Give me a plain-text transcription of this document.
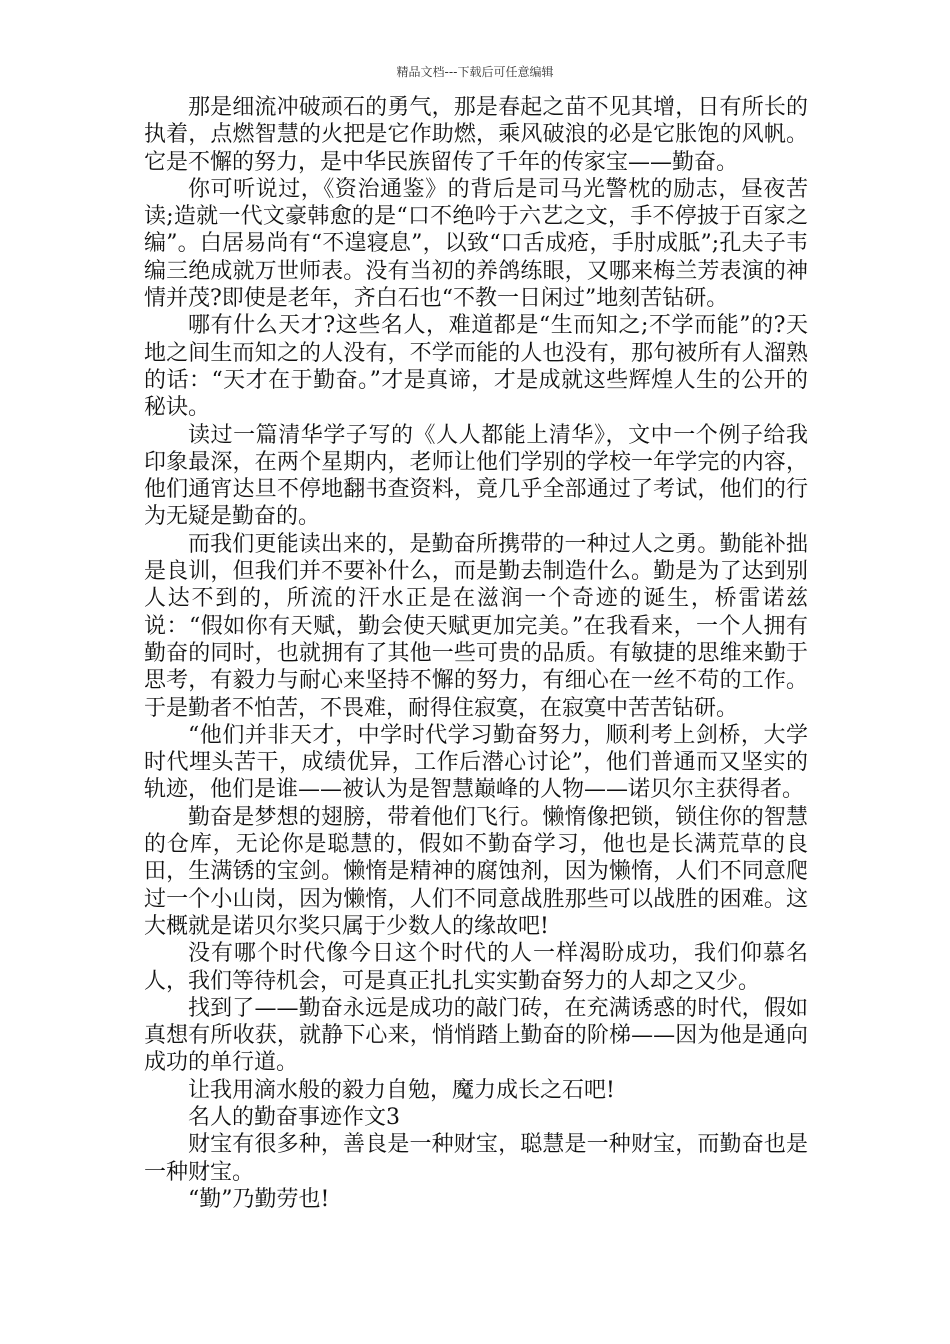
精品文档---下载后可任意编辑

那是细流冲破顽石的勇气，那是春起之苗不见其增，日有所长的执着，点燃智慧的火把是它作助燃，乘风破浪的必是它胀饱的风帆。它是不懈的努力，是中华民族留传了千年的传家宝——勤奋。

你可听说过，《资治通鉴》的背后是司马光警枕的励志，昼夜苦读;造就一代文豪韩愈的是“口不绝吟于六艺之文，手不停披于百家之编”。白居易尚有“不遑寝息”，以致“口舌成疮，手肘成胝”;孔夫子韦编三绝成就万世师表。没有当初的养鸽练眼，又哪来梅兰芳表演的神情并茂?即使是老年，齐白石也“不教一日闲过”地刻苦钻研。

哪有什么天才?这些名人，难道都是“生而知之;不学而能”的?天地之间生而知之的人没有，不学而能的人也没有，那句被所有人溜熟的话：“天才在于勤奋。”才是真谛，才是成就这些辉煌人生的公开的秘诀。

读过一篇清华学子写的《人人都能上清华》，文中一个例子给我印象最深，在两个星期内，老师让他们学别的学校一年学完的内容，他们通宵达旦不停地翻书查资料，竟几乎全部通过了考试，他们的行为无疑是勤奋的。

而我们更能读出来的，是勤奋所携带的一种过人之勇。勤能补拙是良训，但我们并不要补什么，而是勤去制造什么。勤是为了达到别人达不到的，所流的汗水正是在滋润一个奇迹的诞生，桥雷诺兹说：“假如你有天赋，勤会使天赋更加完美。”在我看来，一个人拥有勤奋的同时，也就拥有了其他一些可贵的品质。有敏捷的思维来勤于思考，有毅力与耐心来坚持不懈的努力，有细心在一丝不苟的工作。于是勤者不怕苦，不畏难，耐得住寂寞，在寂寞中苦苦钻研。

“他们并非天才，中学时代学习勤奋努力，顺利考上剑桥，大学时代埋头苦干，成绩优异，工作后潜心讨论”，他们普通而又坚实的轨迹，他们是谁——被认为是智慧巅峰的人物——诺贝尔主获得者。

勤奋是梦想的翅膀，带着他们飞行。懒惰像把锁，锁住你的智慧的仓库，无论你是聪慧的，假如不勤奋学习，他也是长满荒草的良田，生满锈的宝剑。懒惰是精神的腐蚀剂，因为懒惰，人们不同意爬过一个小山岗，因为懒惰，人们不同意战胜那些可以战胜的困难。这大概就是诺贝尔奖只属于少数人的缘故吧!

没有哪个时代像今日这个时代的人一样渴盼成功，我们仰慕名人，我们等待机会，可是真正扎扎实实勤奋努力的人却之又少。

找到了——勤奋永远是成功的敲门砖，在充满诱惑的时代，假如真想有所收获，就静下心来，悄悄踏上勤奋的阶梯——因为他是通向成功的单行道。

让我用滴水般的毅力自勉，魔力成长之石吧!

名人的勤奋事迹作文3

财宝有很多种，善良是一种财宝，聪慧是一种财宝，而勤奋也是一种财宝。

“勤”乃勤劳也!
